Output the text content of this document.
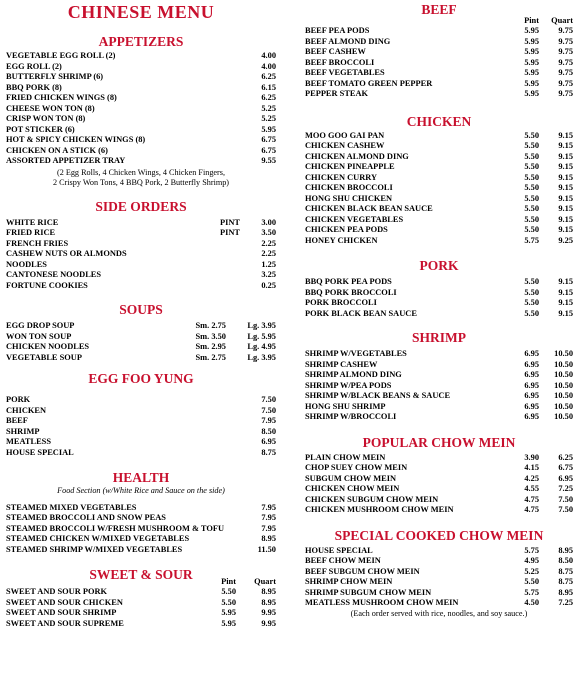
CHINESE MENU
APPETIZERS
VEGETABLE EGG ROLL (2)	4.00
EGG ROLL (2)	4.00
BUTTERFLY SHRIMP (6)	6.25
BBQ PORK (8)	6.15
FRIED CHICKEN WINGS (8)	6.25
CHEESE WON TON (8)	5.25
CRISP WON TON (8)	5.25
POT STICKER (6)	5.95
HOT & SPICY CHICKEN WINGS (8)	6.75
CHICKEN ON A STICK (6)	6.75
ASSORTED APPETIZER TRAY	9.55
(2 Egg Rolls, 4 Chicken Wings, 4 Chicken Fingers,
2 Crispy Won Tons, 4 BBQ Pork, 2 Butterfly Shrimp)
SIDE ORDERS
WHITE RICE	PINT	3.00
FRIED RICE	PINT	3.50
FRENCH FRIES	2.25
CASHEW NUTS OR ALMONDS	2.25
NOODLES	1.25
CANTONESE NOODLES	3.25
FORTUNE COOKIES	0.25
SOUPS
EGG DROP SOUP	Sm. 2.75	Lg. 3.95
WON TON SOUP	Sm. 3.50	Lg. 5.95
CHICKEN NOODLES	Sm. 2.95	Lg. 4.95
VEGETABLE SOUP	Sm. 2.75	Lg. 3.95
EGG FOO YUNG
PORK	7.50
CHICKEN	7.50
BEEF	7.95
SHRIMP	8.50
MEATLESS	6.95
HOUSE SPECIAL	8.75
HEALTH
Food Section (w/White Rice and Sauce on the side)
STEAMED MIXED VEGETABLES	7.95
STEAMED BROCCOLI AND SNOW PEAS	7.95
STEAMED BROCCOLI W/FRESH MUSHROOM & TOFU	7.95
STEAMED CHICKEN W/MIXED VEGETABLES	8.95
STEAMED SHRIMP W/MIXED VEGETABLES	11.50
SWEET & SOUR	Pint Quart
SWEET AND SOUR PORK	5.50	8.95
SWEET AND SOUR CHICKEN	5.50	8.95
SWEET AND SOUR SHRIMP	5.95	9.95
SWEET AND SOUR SUPREME	5.95	9.95
BEEF
Pint Quart
BEEF PEA PODS	5.95 9.75
BEEF ALMOND DING	5.95 9.75
BEEF CASHEW	5.95 9.75
BEEF BROCCOLI	5.95 9.75
BEEF VEGETABLES	5.95 9.75
BEEF TOMATO GREEN PEPPER	5.95 9.75
PEPPER STEAK	5.95 9.75
CHICKEN
MOO GOO GAI PAN	5.50 9.15
CHICKEN CASHEW	5.50 9.15
CHICKEN ALMOND DING	5.50 9.15
CHICKEN PINEAPPLE	5.50 9.15
CHICKEN CURRY	5.50 9.15
CHICKEN BROCCOLI	5.50 9.15
HONG SHU CHICKEN	5.50 9.15
CHICKEN BLACK BEAN SAUCE	5.50 9.15
CHICKEN VEGETABLES	5.50 9.15
CHICKEN PEA PODS	5.50 9.15
HONEY CHICKEN	5.75 9.25
PORK
BBQ PORK PEA PODS	5.50 9.15
BBQ PORK BROCCOLI	5.50 9.15
PORK BROCCOLI	5.50 9.15
PORK BLACK BEAN SAUCE	5.50 9.15
SHRIMP
SHRIMP W/VEGETABLES	6.95 10.50
SHRIMP CASHEW	6.95 10.50
SHRIMP ALMOND DING	6.95 10.50
SHRIMP W/PEA PODS	6.95 10.50
SHRIMP W/BLACK BEANS & SAUCE	6.95 10.50
HONG SHU SHRIMP	6.95 10.50
SHRIMP W/BROCCOLI	6.95 10.50
POPULAR CHOW MEIN
PLAIN CHOW MEIN	3.90 6.25
CHOP SUEY CHOW MEIN	4.15 6.75
SUBGUM CHOW MEIN	4.25 6.95
CHICKEN CHOW MEIN	4.55 7.25
CHICKEN SUBGUM CHOW MEIN	4.75 7.50
CHICKEN MUSHROOM CHOW MEIN	4.75 7.50
SPECIAL COOKED CHOW MEIN
HOUSE SPECIAL	5.75 8.95
BEEF CHOW MEIN	4.95 8.50
BEEF SUBGUM CHOW MEIN	5.25 8.75
SHRIMP CHOW MEIN	5.50 8.75
SHRIMP SUBGUM CHOW MEIN	5.75 8.95
MEATLESS MUSHROOM CHOW MEIN	4.50 7.25
(Each order served with rice, noodles, and soy sauce.)
